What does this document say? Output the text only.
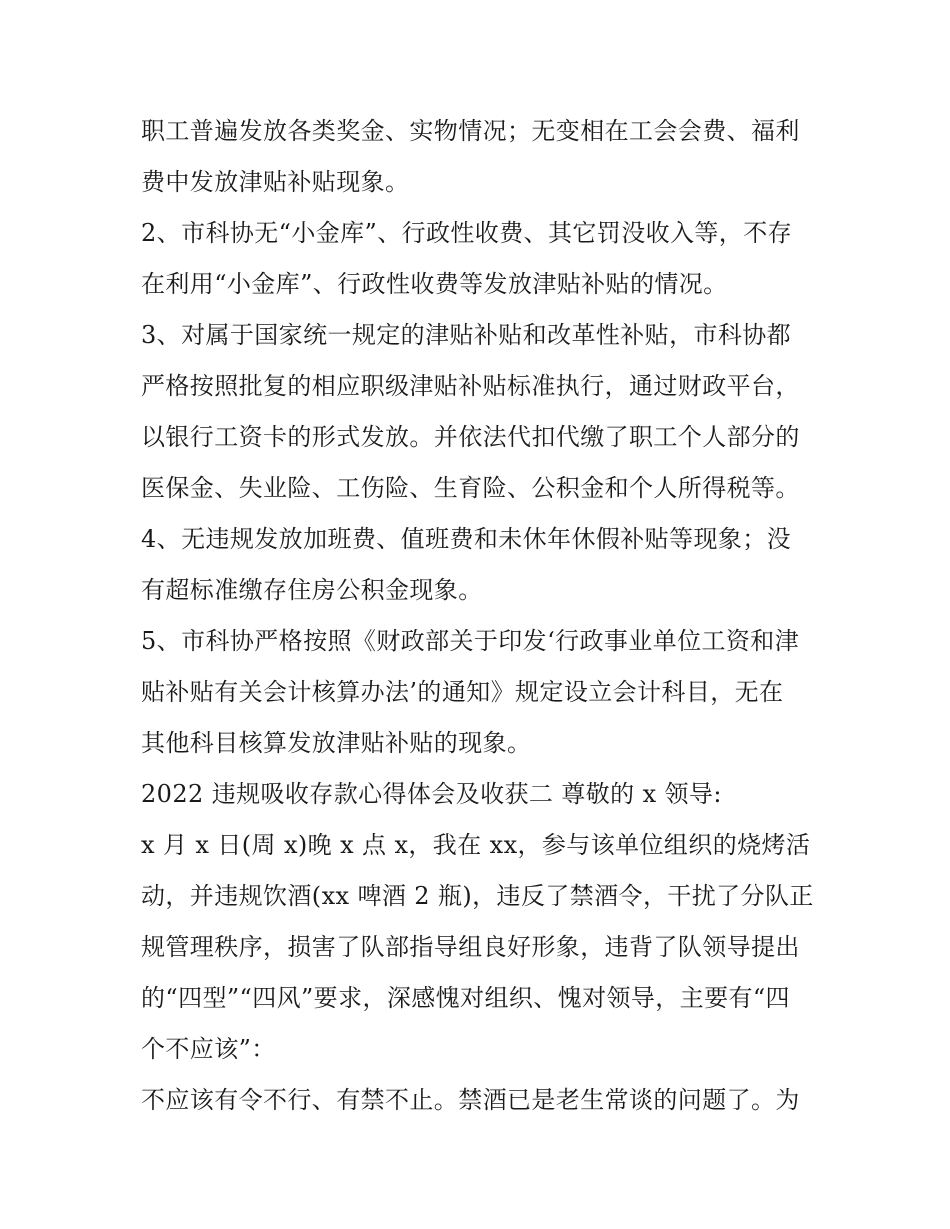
职工普遍发放各类奖金、实物情况；无变相在工会会费、福利
费中发放津贴补贴现象。
2、市科协无“小金库”、行政性收费、其它罚没收入等，不存
在利用“小金库”、行政性收费等发放津贴补贴的情况。
3、对属于国家统一规定的津贴补贴和改革性补贴，市科协都
严格按照批复的相应职级津贴补贴标准执行，通过财政平台，
以银行工资卡的形式发放。并依法代扣代缴了职工个人部分的
医保金、失业险、工伤险、生育险、公积金和个人所得税等。
4、无违规发放加班费、值班费和未休年休假补贴等现象；没
有超标准缴存住房公积金现象。
5、市科协严格按照《财政部关于印发‘行政事业单位工资和津
贴补贴有关会计核算办法’的通知》规定设立会计科目，无在
其他科目核算发放津贴补贴的现象。
2022 违规吸收存款心得体会及收获二 尊敬的 x 领导:
x 月 x 日(周 x)晚 x 点 x，我在 xx，参与该单位组织的烧烤活
动，并违规饮酒(xx 啤酒 2 瓶)，违反了禁酒令，干扰了分队正
规管理秩序，损害了队部指导组良好形象，违背了队领导提出
的“四型”“四风”要求，深感愧对组织、愧对领导，主要有“四
个不应该”：
不应该有令不行、有禁不止。禁酒已是老生常谈的问题了。为
